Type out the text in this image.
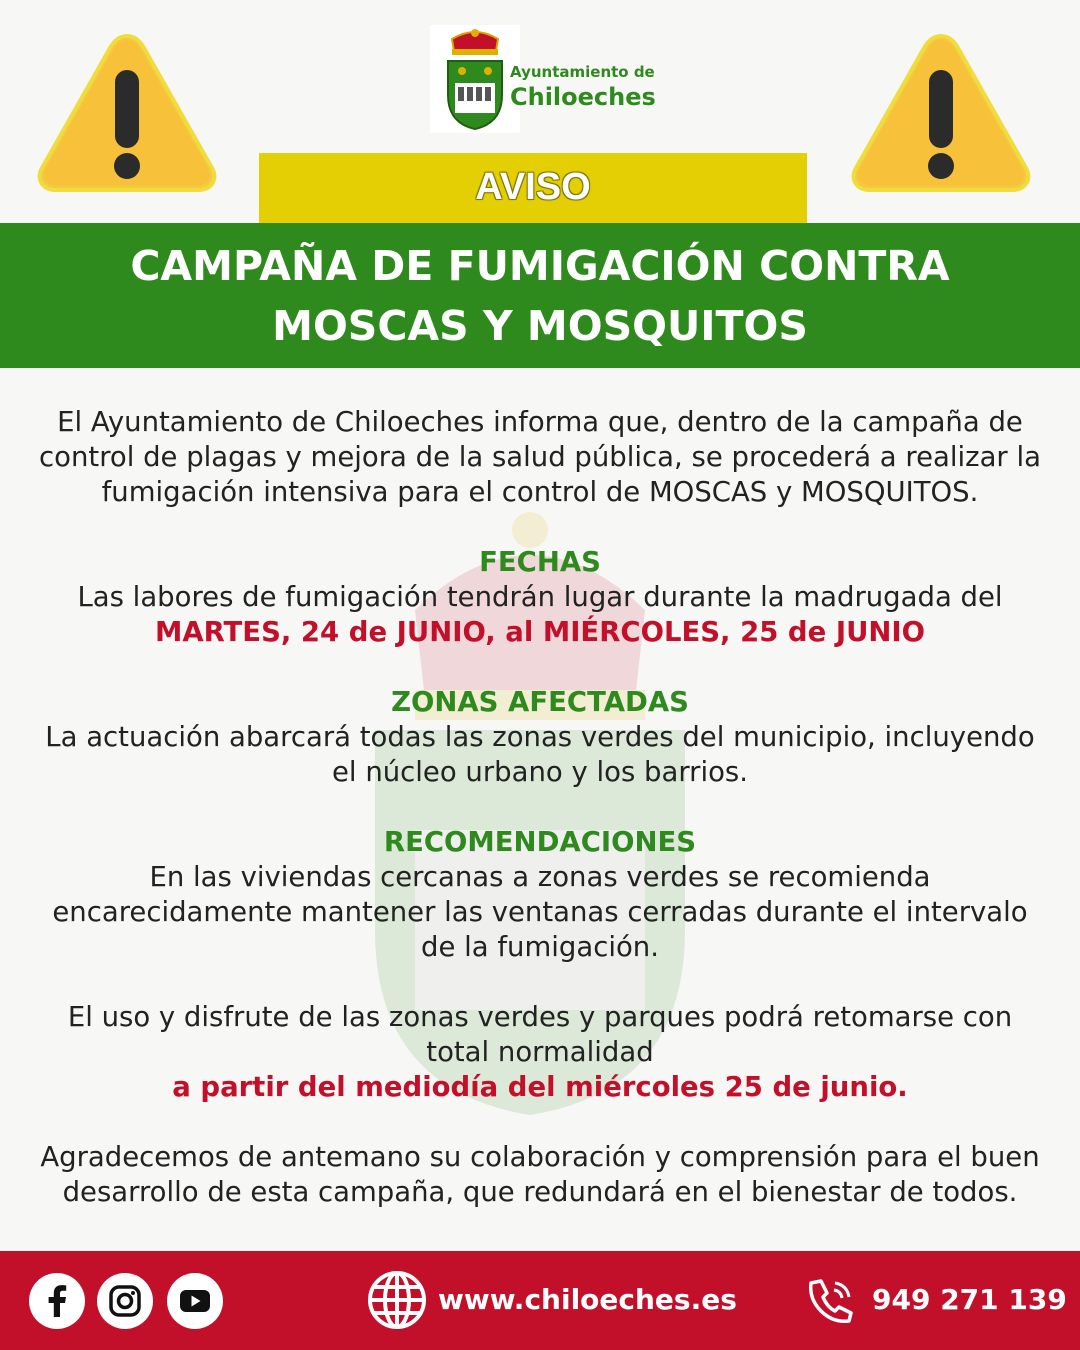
Ayuntamiento de
Chiloeches
AVISO
CAMPAÑA DE FUMIGACIÓN CONTRA
MOSCAS Y MOSQUITOS

El Ayuntamiento de Chiloeches informa que, dentro de la campaña de

control de plagas y mejora de la salud pública, se procederá a realizar la

fumigación intensiva para el control de MOSCAS y MOSQUITOS.

FECHAS

Las labores de fumigación tendrán lugar durante la madrugada del

MARTES, 24 de JUNIO, al MIÉRCOLES, 25 de JUNIO

ZONAS AFECTADAS

La actuación abarcará todas las zonas verdes del municipio, incluyendo

el núcleo urbano y los barrios.

RECOMENDACIONES

En las viviendas cercanas a zonas verdes se recomienda

encarecidamente mantener las ventanas cerradas durante el intervalo

de la fumigación.

El uso y disfrute de las zonas verdes y parques podrá retomarse con

total normalidad

a partir del mediodía del miércoles 25 de junio.

Agradecemos de antemano su colaboración y comprensión para el buen

desarrollo de esta campaña, que redundará en el bienestar de todos.

www.chiloeches.es	949 271 139
